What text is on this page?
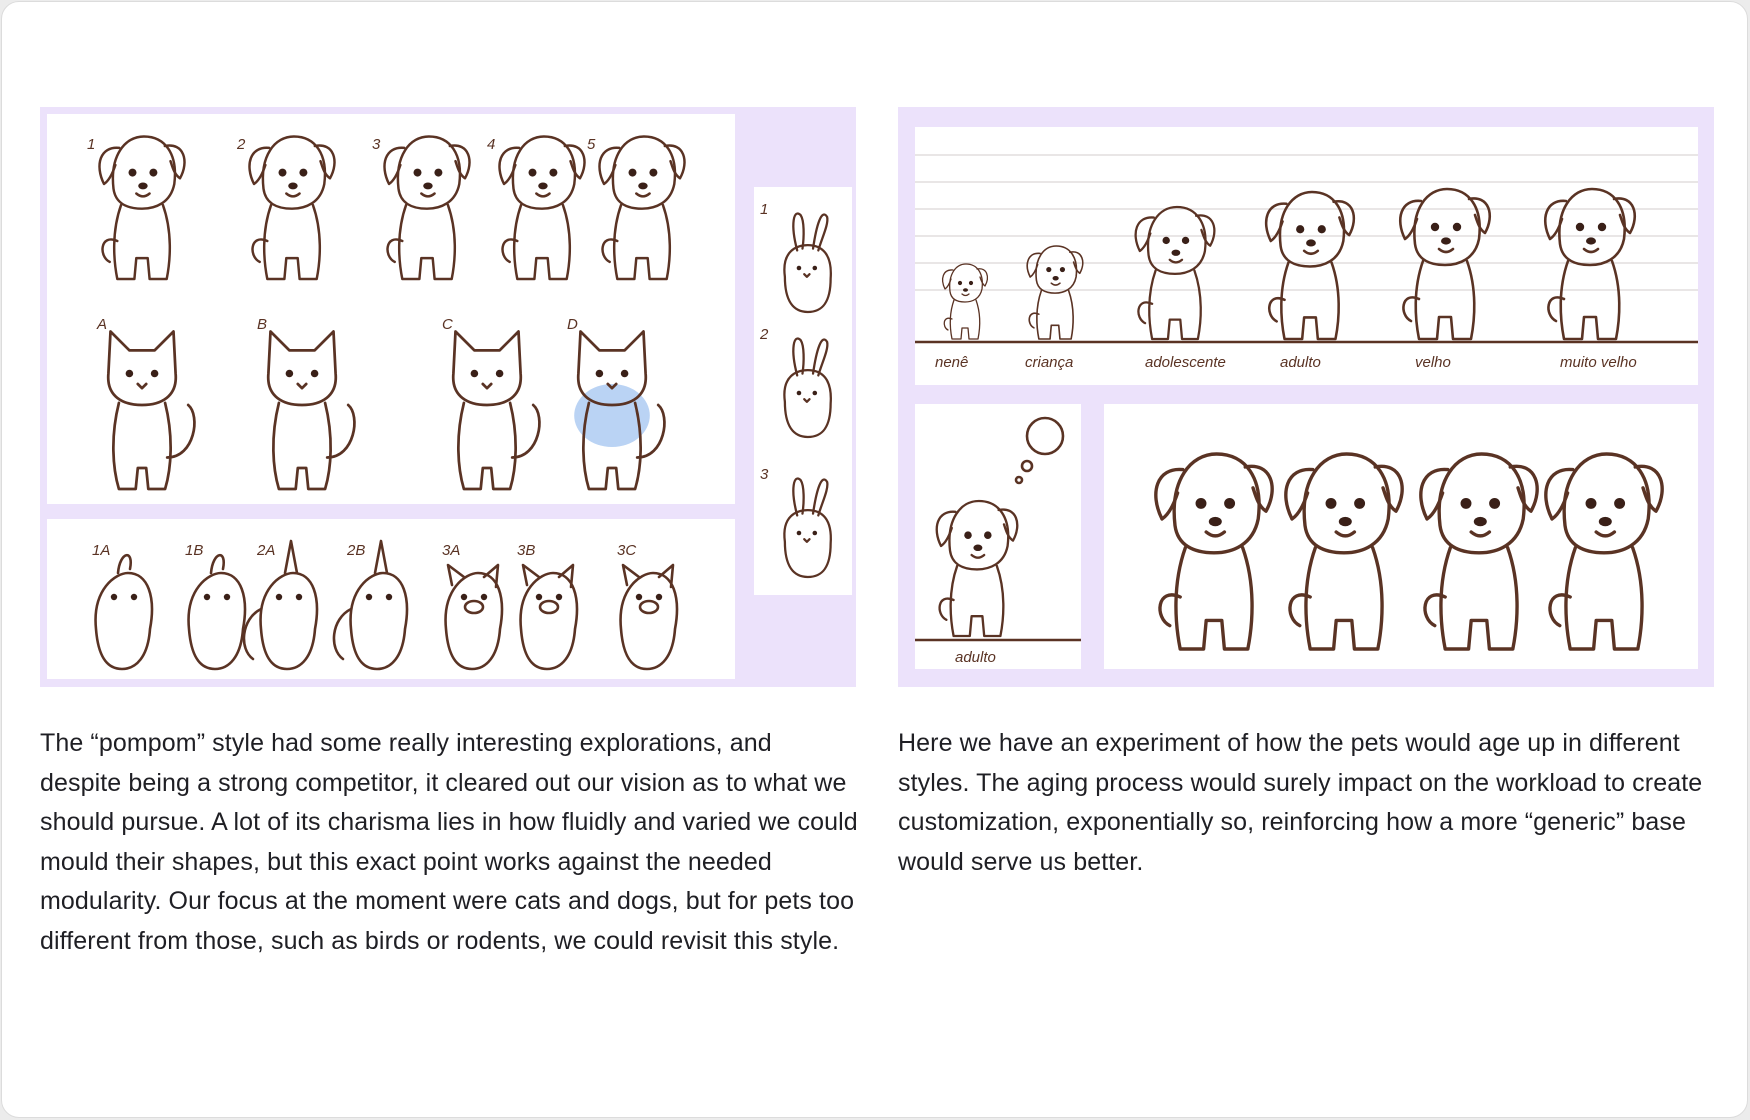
1	2	3	4	5
A	B	C	D
1A	1B	2A	2B	3A	3B	3C
1
2
3
nenê	criança	adolescente	adulto	velho	muito velho
adulto

The “pompom” style had some really interesting explorations, and despite being a strong competitor, it cleared out our vision as to what we should pursue. A lot of its charisma lies in how fluidly and varied we could mould their shapes, but this exact point works against the needed modularity. Our focus at the moment were cats and dogs, but for pets too different from those, such as birds or rodents, we could revisit this style.

Here we have an experiment of how the pets would age up in different styles. The aging process would surely impact on the workload to create customization, exponentially so, reinforcing how a more “generic” base would serve us better.
